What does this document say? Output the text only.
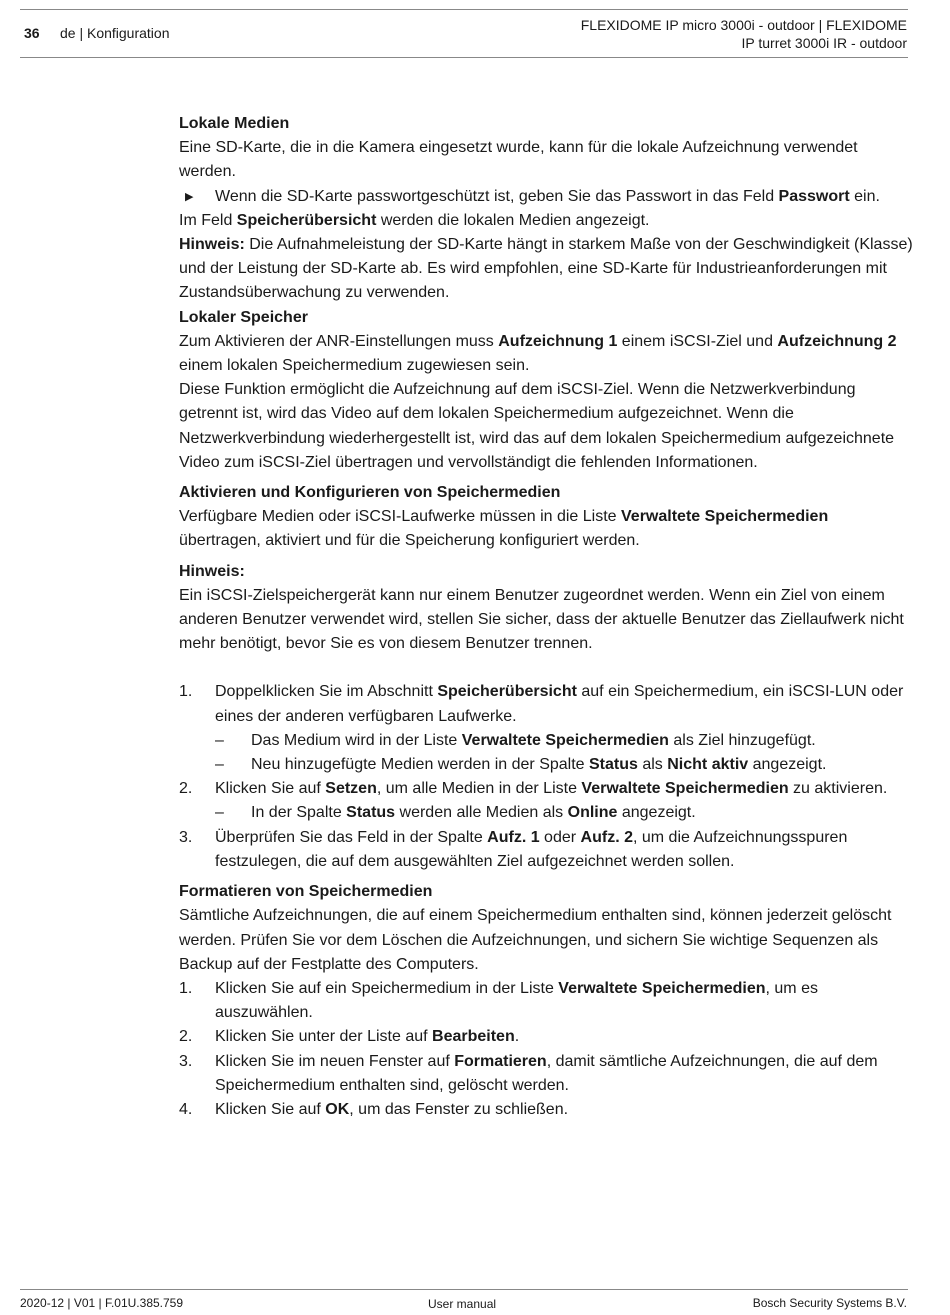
36 de | Konfiguration	FLEXIDOME IP micro 3000i - outdoor | FLEXIDOME
IP turret 3000i IR - outdoor

Lokale Medien

Eine SD-Karte, die in die Kamera eingesetzt wurde, kann für die lokale Aufzeichnung verwendet werden.

▶ Wenn die SD-Karte passwortgeschützt ist, geben Sie das Passwort in das Feld Passwort ein.

Im Feld Speicherübersicht werden die lokalen Medien angezeigt.

Hinweis: Die Aufnahmeleistung der SD-Karte hängt in starkem Maße von der Geschwindigkeit (Klasse) und der Leistung der SD-Karte ab. Es wird empfohlen, eine SD-Karte für Industrieanforderungen mit Zustandsüberwachung zu verwenden.

Lokaler Speicher

Zum Aktivieren der ANR-Einstellungen muss Aufzeichnung 1 einem iSCSI-Ziel und Aufzeichnung 2 einem lokalen Speichermedium zugewiesen sein.

Diese Funktion ermöglicht die Aufzeichnung auf dem iSCSI-Ziel. Wenn die Netzwerkverbindung getrennt ist, wird das Video auf dem lokalen Speichermedium aufgezeichnet. Wenn die Netzwerkverbindung wiederhergestellt ist, wird das auf dem lokalen Speichermedium aufgezeichnete Video zum iSCSI-Ziel übertragen und vervollständigt die fehlenden Informationen.

Aktivieren und Konfigurieren von Speichermedien

Verfügbare Medien oder iSCSI-Laufwerke müssen in die Liste Verwaltete Speichermedien übertragen, aktiviert und für die Speicherung konfiguriert werden.

Hinweis:

Ein iSCSI-Zielspeichergerät kann nur einem Benutzer zugeordnet werden. Wenn ein Ziel von einem anderen Benutzer verwendet wird, stellen Sie sicher, dass der aktuelle Benutzer das Ziellaufwerk nicht mehr benötigt, bevor Sie es von diesem Benutzer trennen.

1. Doppelklicken Sie im Abschnitt Speicherübersicht auf ein Speichermedium, ein iSCSI-LUN oder eines der anderen verfügbaren Laufwerke.
– Das Medium wird in der Liste Verwaltete Speichermedien als Ziel hinzugefügt.
– Neu hinzugefügte Medien werden in der Spalte Status als Nicht aktiv angezeigt.
2. Klicken Sie auf Setzen, um alle Medien in der Liste Verwaltete Speichermedien zu aktivieren.
– In der Spalte Status werden alle Medien als Online angezeigt.
3. Überprüfen Sie das Feld in der Spalte Aufz. 1 oder Aufz. 2, um die Aufzeichnungsspuren festzulegen, die auf dem ausgewählten Ziel aufgezeichnet werden sollen.

Formatieren von Speichermedien

Sämtliche Aufzeichnungen, die auf einem Speichermedium enthalten sind, können jederzeit gelöscht werden. Prüfen Sie vor dem Löschen die Aufzeichnungen, und sichern Sie wichtige Sequenzen als Backup auf der Festplatte des Computers.

1. Klicken Sie auf ein Speichermedium in der Liste Verwaltete Speichermedien, um es auszuwählen.
2. Klicken Sie unter der Liste auf Bearbeiten.
3. Klicken Sie im neuen Fenster auf Formatieren, damit sämtliche Aufzeichnungen, die auf dem Speichermedium enthalten sind, gelöscht werden.
4. Klicken Sie auf OK, um das Fenster zu schließen.
2020-12 | V01 | F.01U.385.759	User manual	Bosch Security Systems B.V.
